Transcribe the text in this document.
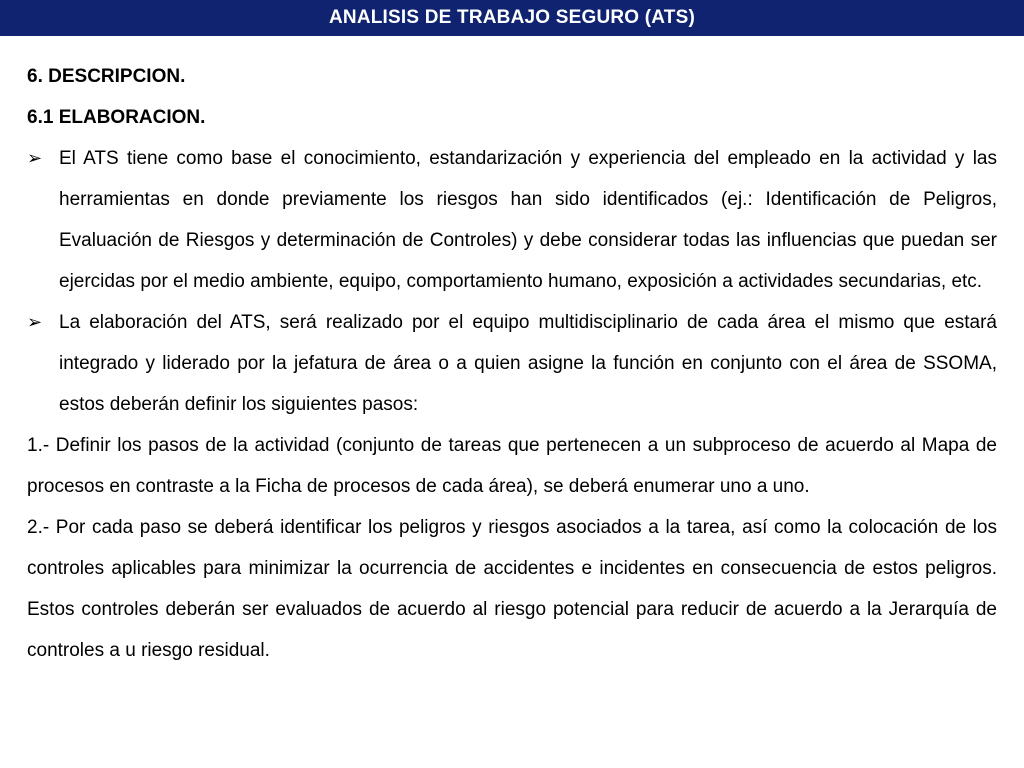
ANALISIS DE TRABAJO SEGURO (ATS)

6. DESCRIPCION.

6.1 ELABORACION.

➢ El ATS tiene como base el conocimiento, estandarización y experiencia del empleado en la actividad y las herramientas en donde previamente los riesgos han sido identificados (ej.: Identificación de Peligros, Evaluación de Riesgos y determinación de Controles) y debe considerar todas las influencias que puedan ser ejercidas por el medio ambiente, equipo, comportamiento humano, exposición a actividades secundarias, etc.
➢ La elaboración del ATS, será realizado por el equipo multidisciplinario de cada área el mismo que estará integrado y liderado por la jefatura de área o a quien asigne la función en conjunto con el área de SSOMA, estos deberán definir los siguientes pasos:

1.- Definir los pasos de la actividad (conjunto de tareas que pertenecen a un subproceso de acuerdo al Mapa de procesos en contraste a la Ficha de procesos de cada área), se deberá enumerar uno a uno.

2.- Por cada paso se deberá identificar los peligros y riesgos asociados a la tarea, así como la colocación de los controles aplicables para minimizar la ocurrencia de accidentes e incidentes en consecuencia de estos peligros. Estos controles deberán ser evaluados de acuerdo al riesgo potencial para reducir de acuerdo a la Jerarquía de controles a u riesgo residual.
